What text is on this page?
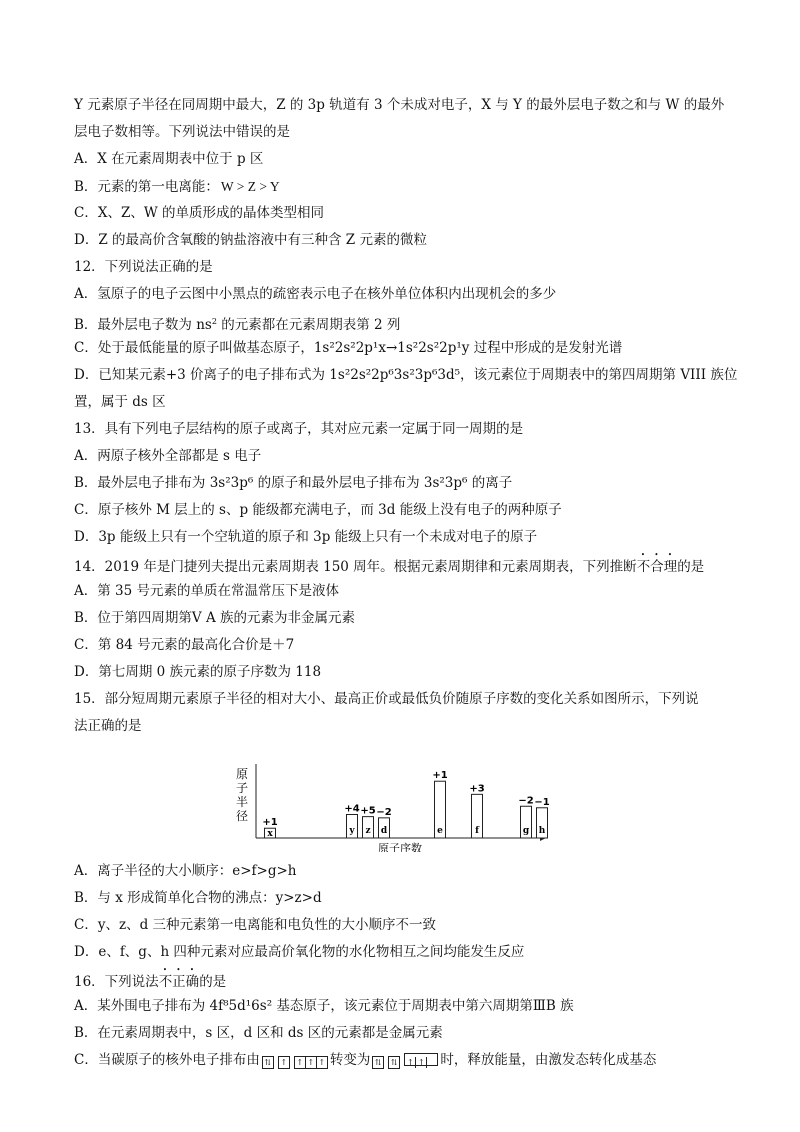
Y 元素原子半径在同周期中最大，Z 的 3p 轨道有 3 个未成对电子，X 与 Y 的最外层电子数之和与 W 的最外
层电子数相等。下列说法中错误的是
A．X 在元素周期表中位于 p 区
B．元素的第一电离能： W > Z > Y
C．X、Z、W 的单质形成的晶体类型相同
D．Z 的最高价含氧酸的钠盐溶液中有三种含 Z 元素的微粒
12．下列说法正确的是
A．氢原子的电子云图中小黑点的疏密表示电子在核外单位体积内出现机会的多少
B．最外层电子数为 $ns^2$ 的元素都在元素周期表第 2 列
C．处于最低能量的原子叫做基态原子，1s²2s²2p¹x→1s²2s²2p¹y 过程中形成的是发射光谱
D．已知某元素+3 价离子的电子排布式为 1s²2s²2p⁶3s²3p⁶3d⁵，该元素位于周期表中的第四周期第 VIII 族位
置，属于 ds 区
13．具有下列电子层结构的原子或离子，其对应元素一定属于同一周期的是
A．两原子核外全部都是 s 电子
B．最外层电子排布为 3s²3p⁶ 的原子和最外层电子排布为 3s²3p⁶ 的离子
C．原子核外 M 层上的 s、p 能级都充满电子，而 3d 能级上没有电子的两种原子
D．3p 能级上只有一个空轨道的原子和 3p 能级上只有一个未成对电子的原子
14．2019 年是门捷列夫提出元素周期表 150 周年。根据元素周期律和元素周期表，下列推断不合理的是
A．第 35 号元素的单质在常温常压下是液体
B．位于第四周期第Ⅴ A 族的元素为非金属元素
C．第 84 号元素的最高化合价是＋7
D．第七周期 0 族元素的原子序数为 118
15．部分短周期元素原子半径的相对大小、最高正价或最低负价随原子序数的变化关系如图所示，下列说
法正确的是
原
子
半
径
原子序数
x
+1
y
+4
z
+5
d
−2
e
+1
f
+3
g
−2
h
−1
A．离子半径的大小顺序：e>f>g>h
B．与 x 形成简单化合物的沸点：y>z>d
C．y、z、d 三种元素第一电离能和电负性的大小顺序不一致
D．e、f、g、h 四种元素对应最高价氧化物的水化物相互之间均能发生反应
16．下列说法不正确的是
A．某外围电子排布为 4f⁸5d¹6s² 基态原子，该元素位于周期表中第六周期第ⅢB 族
B．在元素周期表中，s 区，d 区和 ds 区的元素都是金属元素
C．当碳原子的核外电子排布由 ⇅ ↑ ↑ ↑ ↑ 转变为 ⇅ ⇅ ↑ ↑ 时，释放能量，由激发态转化成基态
